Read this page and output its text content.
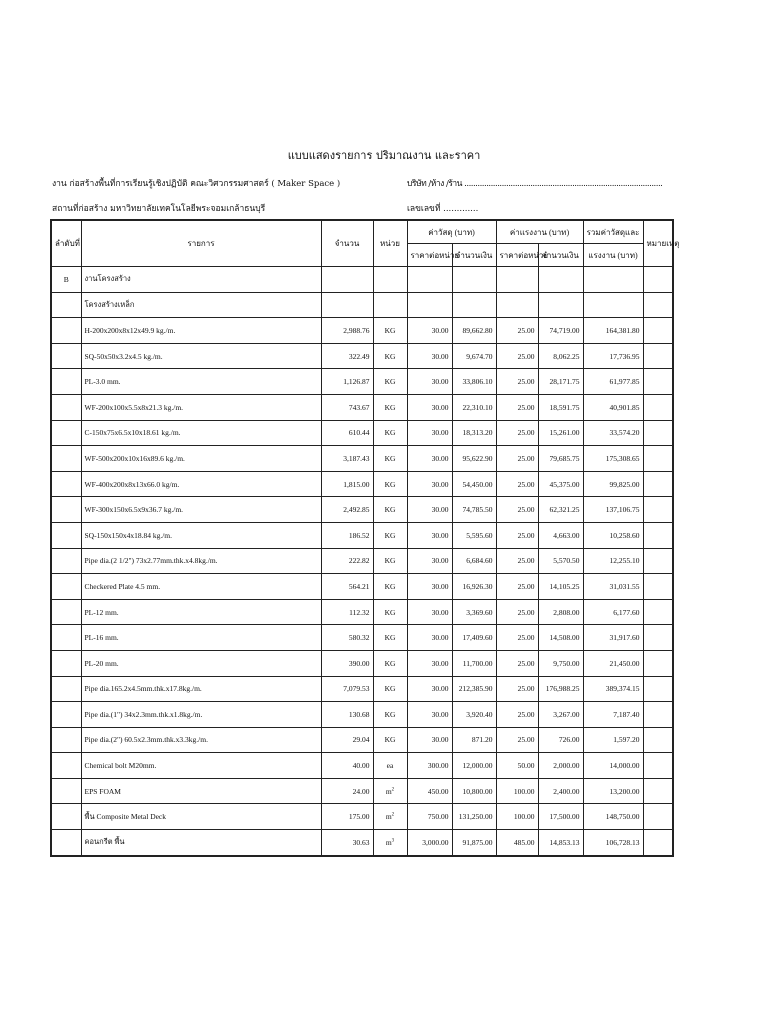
แบบแสดงรายการ ปริมาณงาน และราคา
งาน ก่อสร้างพื้นที่การเรียนรู้เชิงปฏิบัติ คณะวิศวกรรมศาสตร์ ( Maker Space )
สถานที่ก่อสร้าง มหาวิทยาลัยเทคโนโลยีพระจอมเกล้าธนบุรี
บริษัท /ห้าง /ร้าน ..........................................................................................
เลขเลขที่ .............
ลำดับที่	รายการ	จำนวน	หน่วย	ค่าวัสดุ (บาท)		ค่าแรงงาน (บาท)		รวมค่าวัสดุและ	หมายเหตุ
				ราคาต่อหน่วย	จำนวนเงิน	ราคาต่อหน่วย	จำนวนเงิน	แรงงาน (บาท)	
B	งานโครงสร้าง								
	โครงสร้างเหล็ก								
	H-200x200x8x12x49.9 kg./m.	2,988.76	KG	30.00	89,662.80	25.00	74,719.00	164,381.80	
	SQ-50x50x3.2x4.5 kg./m.	322.49	KG	30.00	9,674.70	25.00	8,062.25	17,736.95	
	PL-3.0 mm.	1,126.87	KG	30.00	33,806.10	25.00	28,171.75	61,977.85	
	WF-200x100x5.5x8x21.3 kg./m.	743.67	KG	30.00	22,310.10	25.00	18,591.75	40,901.85	
	C-150x75x6.5x10x18.61 kg./m.	610.44	KG	30.00	18,313.20	25.00	15,261.00	33,574.20	
	WF-500x200x10x16x89.6 kg./m.	3,187.43	KG	30.00	95,622.90	25.00	79,685.75	175,308.65	
	WF-400x200x8x13x66.0 kg/m.	1,815.00	KG	30.00	54,450.00	25.00	45,375.00	99,825.00	
	WF-300x150x6.5x9x36.7 kg./m.	2,492.85	KG	30.00	74,785.50	25.00	62,321.25	137,106.75	
	SQ-150x150x4x18.84 kg./m.	186.52	KG	30.00	5,595.60	25.00	4,663.00	10,258.60	
	Pipe dia.(2 1/2") 73x2.77mm.thk.x4.8kg./m.	222.82	KG	30.00	6,684.60	25.00	5,570.50	12,255.10	
	Checkered Plate 4.5 mm.	564.21	KG	30.00	16,926.30	25.00	14,105.25	31,031.55	
	PL-12 mm.	112.32	KG	30.00	3,369.60	25.00	2,808.00	6,177.60	
	PL-16 mm.	580.32	KG	30.00	17,409.60	25.00	14,508.00	31,917.60	
	PL-20 mm.	390.00	KG	30.00	11,700.00	25.00	9,750.00	21,450.00	
	Pipe dia.165.2x4.5mm.thk.x17.8kg./m.	7,079.53	KG	30.00	212,385.90	25.00	176,988.25	389,374.15	
	Pipe dia.(1") 34x2.3mm.thk.x1.8kg./m.	130.68	KG	30.00	3,920.40	25.00	3,267.00	7,187.40	
	Pipe dia.(2") 60.5x2.3mm.thk.x3.3kg./m.	29.04	KG	30.00	871.20	25.00	726.00	1,597.20	
	Chemical bolt M20mm.	40.00	ea	300.00	12,000.00	50.00	2,000.00	14,000.00	
	EPS FOAM	24.00	$m^2$	450.00	10,800.00	100.00	2,400.00	13,200.00	
	พื้น Composite Metal Deck	175.00	$m^2$	750.00	131,250.00	100.00	17,500.00	148,750.00	
	คอนกรีต พื้น	30.63	$m^3$	3,000.00	91,875.00	485.00	14,853.13	106,728.13	
